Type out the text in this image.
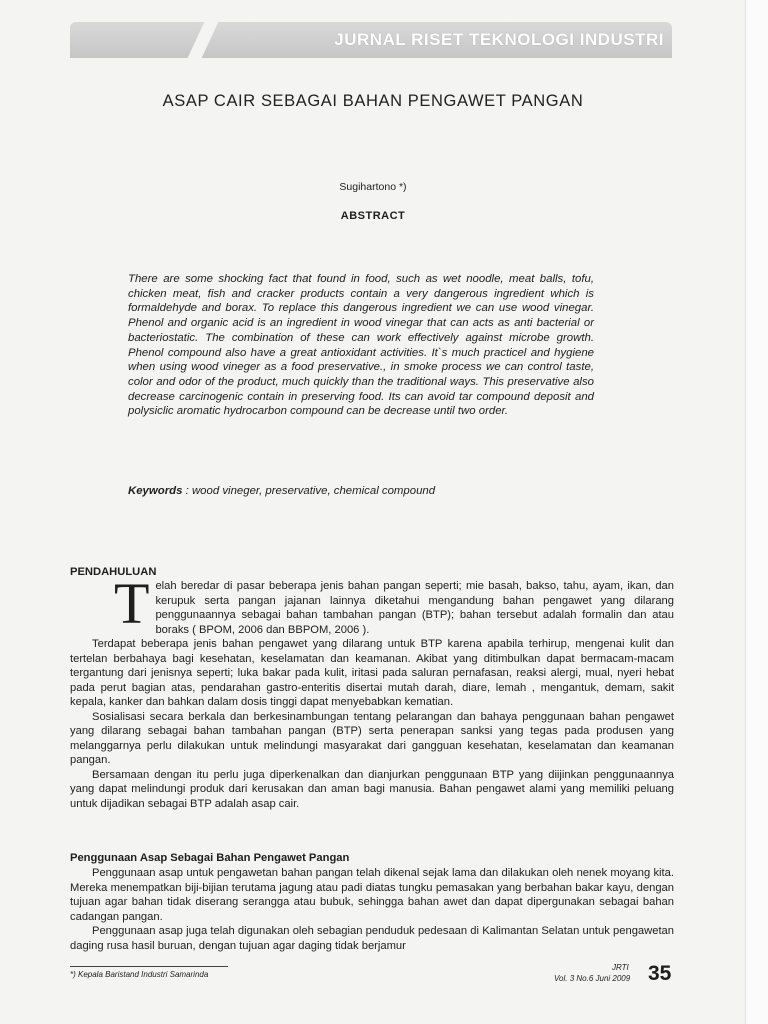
JURNAL RISET TEKNOLOGI INDUSTRI
ASAP CAIR SEBAGAI BAHAN PENGAWET PANGAN
Sugihartono *)
ABSTRACT

There are some shocking fact that found in food, such as wet noodle, meat balls, tofu, chicken meat, fish and cracker products contain a very dangerous ingredient which is formaldehyde and borax. To replace this dangerous ingredient we can use wood vinegar. Phenol and organic acid is an ingredient in wood vinegar that can acts as anti bacterial or bacteriostatic. The combination of these can work effectively against microbe growth. Phenol compound also have a great antioxidant activities. It`s much practicel and hygiene when using wood vineger as a food preservative., in smoke process we can control taste, color and odor of the product, much quickly than the traditional ways. This preservative also decrease carcinogenic contain in preserving food. Its can avoid tar compound deposit and polysiclic aromatic hydrocarbon compound can be decrease until two order.

Keywords : wood vineger, preservative, chemical compound
PENDAHULUAN

T elah beredar di pasar beberapa jenis bahan pangan seperti; mie basah, bakso, tahu, ayam, ikan, dan kerupuk serta pangan jajanan lainnya diketahui mengandung bahan pengawet yang dilarang penggunaannya sebagai bahan tambahan pangan (BTP); bahan tersebut adalah formalin dan atau boraks ( BPOM, 2006 dan BBPOM, 2006 ).

Terdapat beberapa jenis bahan pengawet yang dilarang untuk BTP karena apabila terhirup, mengenai kulit dan tertelan berbahaya bagi kesehatan, keselamatan dan keamanan. Akibat yang ditimbulkan dapat bermacam-macam tergantung dari jenisnya seperti; luka bakar pada kulit, iritasi pada saluran pernafasan, reaksi alergi, mual, nyeri hebat pada perut bagian atas, pendarahan gastro-enteritis disertai mutah darah, diare, lemah , mengantuk, demam, sakit kepala, kanker dan bahkan dalam dosis tinggi dapat menyebabkan kematian.

Sosialisasi secara berkala dan berkesinambungan tentang pelarangan dan bahaya penggunaan bahan pengawet yang dilarang sebagai bahan tambahan pangan (BTP) serta penerapan sanksi yang tegas pada produsen yang melanggarnya perlu dilakukan untuk melindungi masyarakat dari gangguan kesehatan, keselamatan dan keamanan pangan.

Bersamaan dengan itu perlu juga diperkenalkan dan dianjurkan penggunaan BTP yang diijinkan penggunaannya yang dapat melindungi produk dari kerusakan dan aman bagi manusia. Bahan pengawet alami yang memiliki peluang untuk dijadikan sebagai BTP adalah asap cair.

Penggunaan Asap Sebagai Bahan Pengawet Pangan

Penggunaan asap untuk pengawetan bahan pangan telah dikenal sejak lama dan dilakukan oleh nenek moyang kita. Mereka menempatkan biji-bijian terutama jagung atau padi diatas tungku pemasakan yang berbahan bakar kayu, dengan tujuan agar bahan tidak diserang serangga atau bubuk, sehingga bahan awet dan dapat dipergunakan sebagai bahan cadangan pangan.

Penggunaan asap juga telah digunakan oleh sebagian penduduk pedesaan di Kalimantan Selatan untuk pengawetan daging rusa hasil buruan, dengan tujuan agar daging tidak berjamur

*) Kepala Baristand Industri Samarinda
JRTI
Vol. 3 No.6 Juni 2009 35
